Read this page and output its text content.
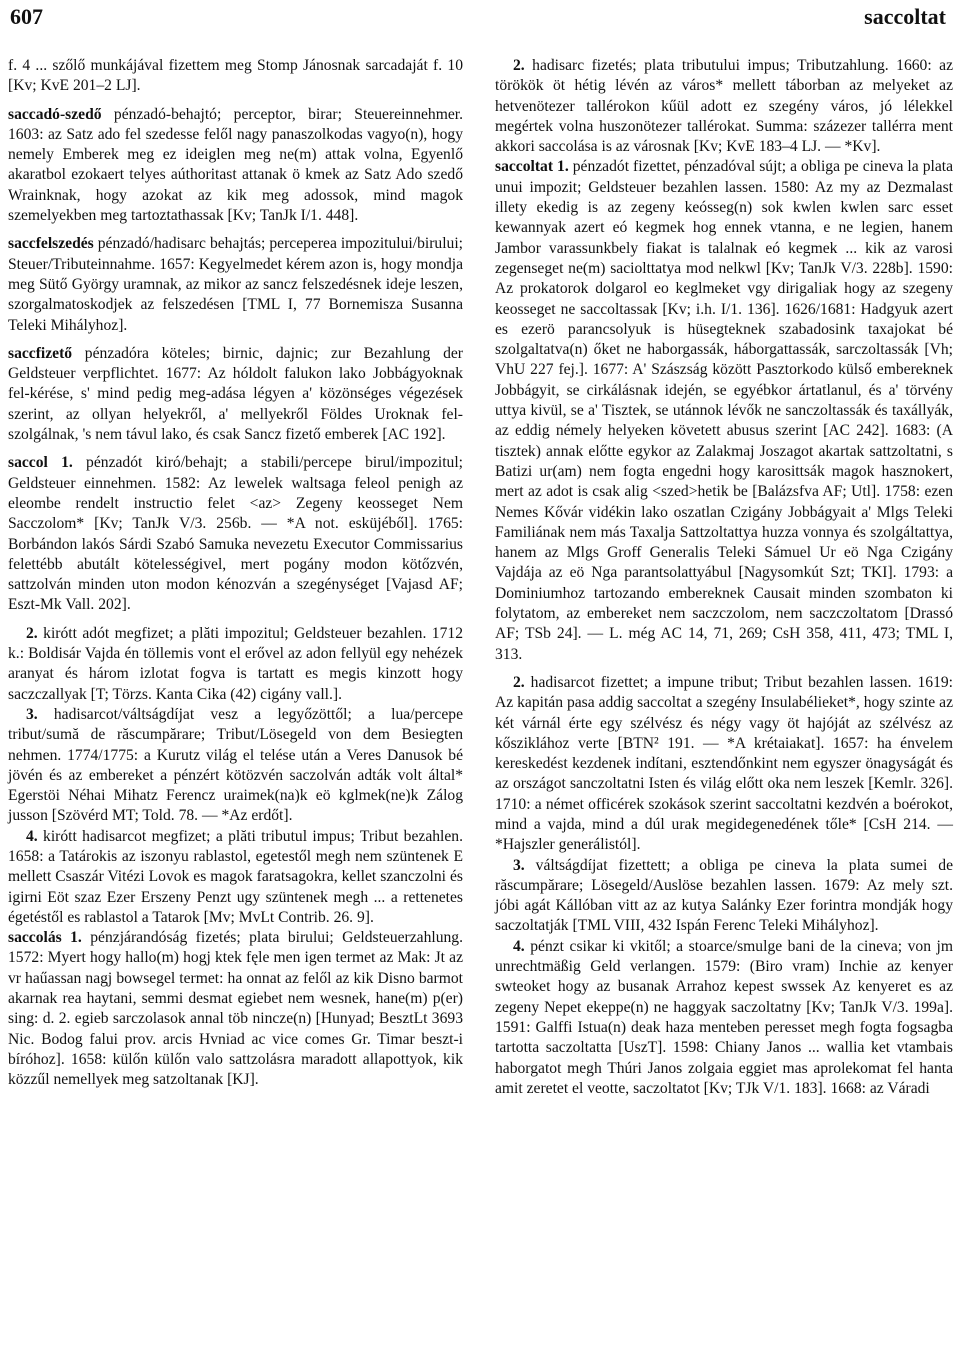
607	saccoltat

f. 4 ... szőlő munkájával fizettem meg Stomp Jánosnak sarcadaját f. 10 [Kv; KvE 201–2 LJ].

saccadó-szedő pénzadó-behajtó; perceptor, birar; Steuereinnehmer. 1603: az Satz ado fel szedesse felől nagy panaszolkodas vagyo(n), hogy nemely Emberek meg ez ideiglen meg ne(m) attak volna, Egyenlő akaratbol ezokaert telyes aúthoritast attanak ö kmek az Satz Ado szedő Wrainknak, hogy azokat az kik meg adossok, mind magok szemelyekben meg tartoztathassak [Kv; TanJk I/1. 448].

saccfelszedés pénzadó/hadisarc behajtás; perceperea impozitului/birului; Steuer/Tributeinnahme. 1657: Kegyelmedet kérem azon is, hogy mondja meg Sütő György uramnak, az mikor az sancz felszedésnek ideje leszen, szorgalmatoskodjek az felszedésen [TML I, 77 Bornemisza Susanna Teleki Mihályhoz].

saccfizető pénzadóra köteles; birnic, dajnic; zur Bezahlung der Geldsteuer verpflichtet. 1677: Az hóldolt falukon lako Jobbágyoknak fel-kérése, s' mind pedig meg-adása légyen a' közönséges végezések szerint, az ollyan helyekről, a' mellyekről Földes Uroknak fel-szolgálnak, 's nem távul lako, és csak Sancz fizető emberek [AC 192].

saccol 1. pénzadót kiró/behajt; a stabili/percepe birul/impozitul; Geldsteuer einnehmen. 1582: Az lewelek waltsaga feleol penigh az eleombe rendelt instructio felet <az> Zegeny keosseget Nem Sacczolom* [Kv; TanJk V/3. 256b. — *A not. esküjéből]. 1765: Borbándon lakós Sárdi Szabó Samuka nevezetu Executor Commissarius felettébb abutált kötelességivel, mert pogány modon kötőzvén, sattzolván minden uton modon kénozván a szegénységet [Vajasd AF; Eszt-Mk Vall. 202].

2. kirótt adót megfizet; a plăti impozitul; Geldsteuer bezahlen. 1712 k.: Boldisár Vajda én töllemis vont el erővel az adon fellyül egy nehézek aranyat és három izlotat fogva is tartatt es megis kinzott hogy saczczallyak [T; Törzs. Kanta Cika (42) cigány vall.].

3. hadisarcot/váltságdíjat vesz a legyőzöttől; a lua/percepe tribut/sumă de răscumpărare; Tribut/Lösegeld von dem Besiegten nehmen. 1774/1775: a Kurutz világ el telése után a Veres Danusok bé jövén és az embereket a pénzért kötözvén saczolván adták volt által* Egerstöi Néhai Mihatz Ferencz uraimek(na)k eö kglmek(ne)k Zálog jusson [Szövérd MT; Told. 78. — *Az erdőt].

4. kirótt hadisarcot megfizet; a plăti tributul impus; Tribut bezahlen. 1658: a Tatárokis az iszonyu rablastol, egetestől megh nem szüntenek E mellett Csaszár Vitézi Lovok es magok faratsagokra, kellet szanczolni és igirni Eöt szaz Ezer Erszeny Penzt ugy szüntenek megh ... a rettenetes égetéstől es rablastol a Tatarok [Mv; MvLt Contrib. 26. 9].

saccolás 1. pénzjárandóság fizetés; plata birului; Geldsteuerzahlung. 1572: Myert hogy hallo(m) hogj ktek fęle men igen termet az Mak: Jt az vr haűassan nagj bowsegel termet: ha onnat az felől az kik Disno barmot akarnak rea haytani, semmi desmat egiebet nem wesnek, hane(m) p(er) sing: d. 2. egieb sarczolasok annal töb nincze(n) [Hunyad; BesztLt 3693 Nic. Bodog falui prov. arcis Hvniad ac vice comes Gr. Timar beszt-i bíróhoz]. 1658: külőn külőn valo sattzolásra maradott allapottyok, kik közzűl nemellyek meg satzoltanak [KJ].

2. hadisarc fizetés; plata tributului impus; Tributzahlung. 1660: az törökök öt hétig lévén az város* mellett táborban az melyeket az hetvenötezer tallérokon kűül adott ez szegény város, jó lélekkel megértek volna huszonötezer tallérokat. Summa: százezer tallérra ment akkori saccolása is az városnak [Kv; KvE 183–4 LJ. — *Kv].

saccoltat 1. pénzadót fizettet, pénzadóval sújt; a obliga pe cineva la plata unui impozit; Geldsteuer bezahlen lassen. 1580: Az my az Dezmalast illety ekedig is az zegeny keósseg(n) sok kwlen kwlen sarc esset kewannyak azert eó kegmek hog ennek vtanna, e ne legien, hanem Jambor varassunkbely fiakat is talalnak eó kegmek ... kik az varosi zegenseget ne(m) saciolttatya mod nelkwl [Kv; TanJk V/3. 228b]. 1590: Az prokatorok dolgarol eo keglmeket vgy dirigaliak hogy az szegeny keosseget ne saccoltassak [Kv; i.h. I/1. 136]. 1626/1681: Hadgyuk azert es ezerö parancsolyuk is hüsegteknek szabadosink taxajokat bé szolgaltatva(n) őket ne haborgassák, háborgattassák, sarczoltassák [Vh; VhU 227 fej.]. 1677: A' Szászság között Pasztorkodo külső embereknek Jobbágyit, se cirkálásnak idején, se egyébkor ártatlanul, és a' törvény uttya kivül, se a' Tisztek, se utánnok lévők ne sanczoltassák és taxállyák, az eddig némely helyeken követett abusus szerint [AC 242]. 1683: (A tisztek) annak előtte egykor az Zalakmaj Joszagot akartak sattzoltatni, s Batizi ur(am) nem fogta engedni hogy karosittsák magok hasznokert, mert az adot is csak alig <szed>hetik be [Balázsfva AF; Utl]. 1758: ezen Nemes Kővár vidékin lako oszatlan Czigány Jobbágyait a' Mlgs Teleki Familiának nem más Taxalja Sattzoltattya huzza vonnya és szolgáltattya, hanem az Mlgs Groff Generalis Teleki Sámuel Ur eö Nga Czigány Vajdája az eö Nga parantsolattyábul [Nagysomkút Szt; TKI]. 1793: a Dominiumhoz tartozando embereknek Causait minden szombaton ki folytatom, az embereket nem saczczolom, nem saczczoltatom [Drassó AF; TSb 24]. — L. még AC 14, 71, 269; CsH 358, 411, 473; TML I, 313.

2. hadisarcot fizettet; a impune tribut; Tribut bezahlen lassen. 1619: Az kapitán pasa addig saccoltat a szegény Insulabélieket*, hogy szinte az két várnál érte egy szélvész és négy vagy öt hajóját az szélvész az kősziklához verte [BTN² 191. — *A krétaiakat]. 1657: ha énvelem kereskedést kezdenek indítani, esztendőnkint nem egyszer önagyságát és az országot sanczoltatni Isten és világ előtt oka nem leszek [Kemlr. 326]. 1710: a német officérek szokások szerint saccoltatni kezdvén a boérokot, mind a vajda, mind a dúl urak megidegenedének tőle* [CsH 214. — *Hajszler generálistól].

3. váltságdíjat fizettett; a obliga pe cineva la plata sumei de răscumpărare; Lösegeld/Auslöse bezahlen lassen. 1679: Az mely szt. jóbi agát Kállóban vitt az az kutya Salánky Ezer forintra mondják hogy saczoltatják [TML VIII, 432 Ispán Ferenc Teleki Mihályhoz].

4. pénzt csikar ki vkitől; a stoarce/smulge bani de la cineva; von jm unrechtmäßig Geld verlangen. 1579: (Biro vram) Inchie az kenyer swteoket hogy az busanak Arrahoz kepest swssek Az kenyeret es az zegeny Nepet ekeppe(n) ne haggyak saczoltatny [Kv; TanJk V/3. 199a]. 1591: Galffi Istua(n) deak haza menteben peresset megh fogta fogsagba tartotta saczoltatta [UszT]. 1598: Chiany Janos ... wallia ket vtambais haborgatot megh Thúri Janos zolgaia eggiet mas aprolekomat fel hanta amit zeretet el veotte, saczoltatot [Kv; TJk V/1. 183]. 1668: az Váradi
